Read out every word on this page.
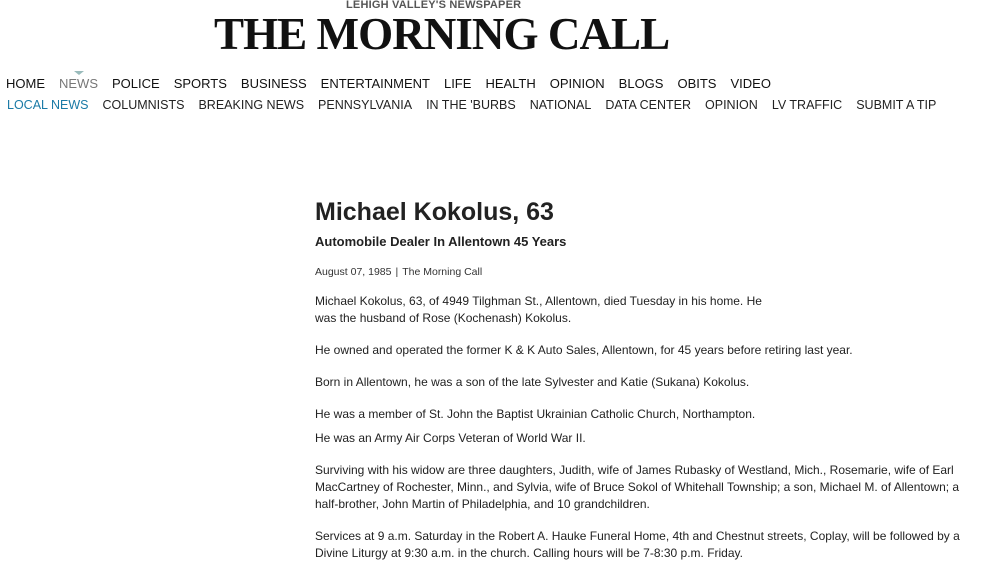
LEHIGH VALLEY'S NEWSPAPER
THE MORNING CALL
HOME NEWS POLICE SPORTS BUSINESS ENTERTAINMENT LIFE HEALTH OPINION BLOGS OBITS VIDEO
LOCAL NEWS COLUMNISTS BREAKING NEWS PENNSYLVANIA IN THE 'BURBS NATIONAL DATA CENTER OPINION LV TRAFFIC SUBMIT A TIP
Michael Kokolus, 63
Automobile Dealer In Allentown 45 Years
August 07, 1985 | The Morning Call

Michael Kokolus, 63, of 4949 Tilghman St., Allentown, died Tuesday in his home. He was the husband of Rose (Kochenash) Kokolus.

He owned and operated the former K & K Auto Sales, Allentown, for 45 years before retiring last year.

Born in Allentown, he was a son of the late Sylvester and Katie (Sukana) Kokolus.

He was a member of St. John the Baptist Ukrainian Catholic Church, Northampton.

He was an Army Air Corps Veteran of World War II.

Surviving with his widow are three daughters, Judith, wife of James Rubasky of Westland, Mich., Rosemarie, wife of Earl MacCartney of Rochester, Minn., and Sylvia, wife of Bruce Sokol of Whitehall Township; a son, Michael M. of Allentown; a half-brother, John Martin of Philadelphia, and 10 grandchildren.

Services at 9 a.m. Saturday in the Robert A. Hauke Funeral Home, 4th and Chestnut streets, Coplay, will be followed by a Divine Liturgy at 9:30 a.m. in the church. Calling hours will be 7-8:30 p.m. Friday.
